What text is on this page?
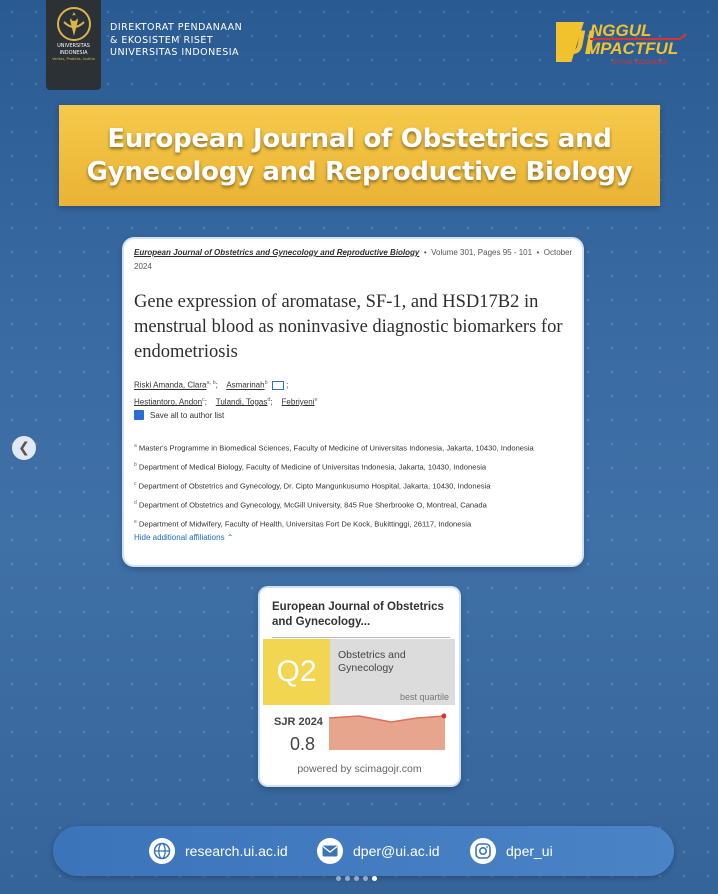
UNIVERSITAS
INDONESIA
Veritas, Probitas, Iustitia
DIREKTORAT PENDANAAN
& EKOSISTEM RISET
UNIVERSITAS INDONESIA	UI
NGGUL
MPACTFUL
UNTUK INDONESIA
European Journal of Obstetrics and
Gynecology and Reproductive Biology
European Journal of Obstetrics and Gynecology and Reproductive Biology  •  Volume 301, Pages 95 - 101  •  October
2024
Gene expression of aromatase, SF-1, and HSD17B2 in menstrual blood as noninvasive diagnostic biomarkers for endometriosis
Riski Amanda, Clara$^{a, b}$;    Asmarinah$^b$  ;
Hestiantoro, Andon$^c$;    Tulandi, Togas$^d$;    Febriyeni$^e$
Save all to author list

$^a$ Master's Programme in Biomedical Sciences, Faculty of Medicine of Universitas Indonesia, Jakarta, 10430, Indonesia

$^b$ Department of Medical Biology, Faculty of Medicine of Universitas Indonesia, Jakarta, 10430, Indonesia

$^c$ Department of Obstetrics and Gynecology, Dr. Cipto Mangunkusumo Hospital, Jakarta, 10430, Indonesia

$^d$ Department of Obstetrics and Gynecology, McGill University, 845 Rue Sherbrooke O, Montreal, Canada

$^e$ Department of Midwifery, Faculty of Health, Universitas Fort De Kock, Bukittinggi, 26117, Indonesia

Hide additional affiliations ⌃
European Journal of Obstetrics and Gynecology...
Q2	Obstetrics and Gynecology
best quartile
SJR 2024
0.8
powered by scimagojr.com
research.ui.ac.id	dper@ui.ac.id	dper_ui
❮
